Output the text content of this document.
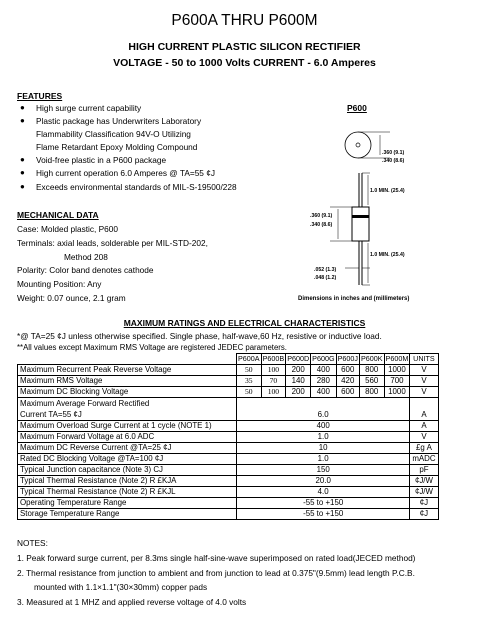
P600A THRU P600M
HIGH CURRENT PLASTIC SILICON RECTIFIER
VOLTAGE - 50 to 1000 Volts CURRENT - 6.0 Amperes
FEATURES
● High surge current capability
● Plastic package has Underwriters Laboratory
Flammability Classification 94V-O Utilizing
Flame Retardant Epoxy Molding Compound
● Void-free plastic in a P600 package
● High current operation 6.0 Amperes @ TA=55 ¢J
● Exceeds environmental standards of MIL-S-19500/228
MECHANICAL DATA
Case: Molded plastic, P600
Terminals: axial leads, solderable per MIL-STD-202,
Method 208
Polarity: Color band denotes cathode
Mounting Position: Any
Weight: 0.07 ounce, 2.1 gram
P600
.360 (9.1)
.340 (8.6)
1.0 MIN. (25.4)
.360 (9.1)
.340 (8.6)
1.0 MIN. (25.4)
.052 (1.3)
.048 (1.2)
Dimensions in inches and (millimeters)
MAXIMUM RATINGS AND ELECTRICAL CHARACTERISTICS
*@ TA=25 ¢J unless otherwise specified. Single phase, half-wave,60 Hz, resistive or inductive load.
**All values except Maximum RMS Voltage are registered JEDEC parameters.
	P600A	P600B	P600D	P600G	P600J	P600K	P600M	UNITS
Maximum Recurrent Peak Reverse Voltage	50	100	200	400	600	800	1000	V
Maximum RMS Voltage	35	70	140	280	420	560	700	V
Maximum DC Blocking Voltage	50	100	200	400	600	800	1000	V

Maximum Average Forward Rectified
Current TA=55 ¢J	6.0							A
Maximum Overload Surge Current at 1 cycle (NOTE 1)	400							A
Maximum Forward Voltage at 6.0 ADC	1.0							V
Maximum DC Reverse Current @TA=25 ¢J	10							£g A
Rated DC Blocking Voltage @TA=100 ¢J	1.0							mADC
Typical Junction capacitance (Note 3) CJ	150							pF
Typical Thermal Resistance (Note 2) R £KJA	20.0							¢J/W
Typical Thermal Resistance (Note 2) R £KJL	4.0							¢J/W
Operating Temperature Range	-55 to +150							¢J
Storage Temperature Range	-55 to +150							¢J
NOTES:
1. Peak forward surge current, per 8.3ms single half-sine-wave superimposed on rated load(JECED method)
2. Thermal resistance from junction to ambient and from junction to lead at 0.375"(9.5mm) lead length P.C.B.
mounted with 1.1×1.1"(30×30mm) copper pads
3. Measured at 1 MHZ and applied reverse voltage of 4.0 volts
